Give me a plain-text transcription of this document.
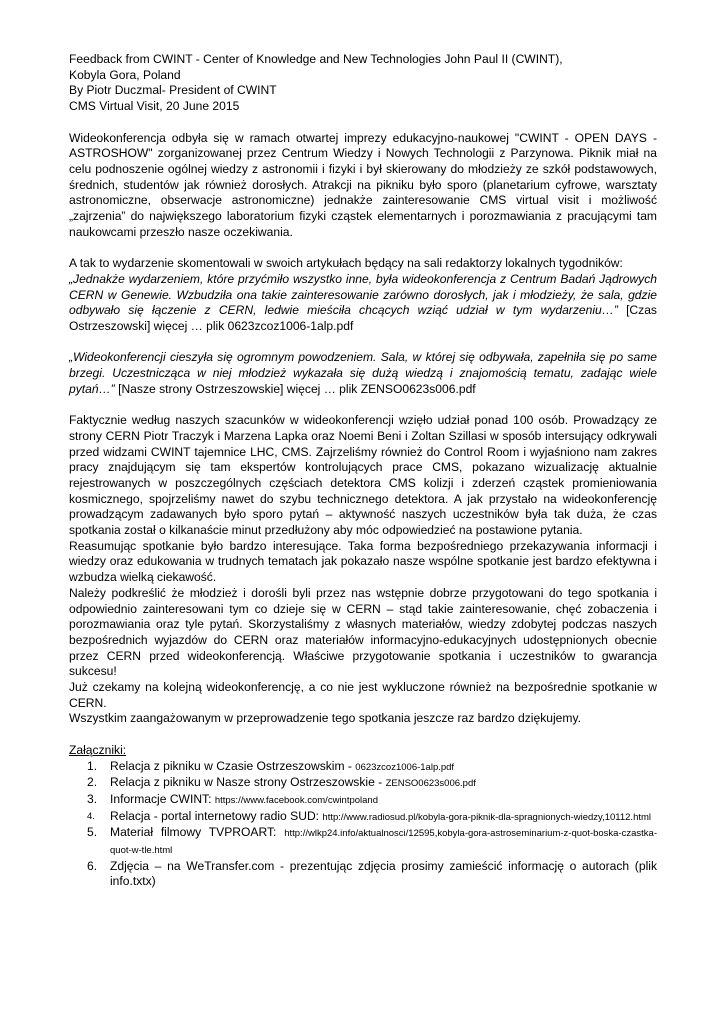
Feedback from CWINT - Center of Knowledge and New Technologies John Paul II (CWINT),

Kobyla Gora, Poland

By Piotr Duczmal- President of CWINT

CMS Virtual Visit, 20 June 2015

Wideokonferencja odbyła się w ramach otwartej imprezy edukacyjno-naukowej "CWINT - OPEN DAYS - ASTROSHOW" zorganizowanej przez Centrum Wiedzy i Nowych Technologii z Parzynowa. Piknik miał na celu podnoszenie ogólnej wiedzy z astronomii i fizyki i był skierowany do młodzieży ze szkół podstawowych, średnich, studentów jak również dorosłych. Atrakcji na pikniku było sporo (planetarium cyfrowe, warsztaty astronomiczne, obserwacje astronomiczne) jednakże zainteresowanie CMS virtual visit i możliwość „zajrzenia” do największego laboratorium fizyki cząstek elementarnych i porozmawiania z pracującymi tam naukowcami przeszło nasze oczekiwania.

A tak to wydarzenie skomentowali w swoich artykułach będący na sali redaktorzy lokalnych tygodników:

„Jednakże wydarzeniem, które przyćmiło wszystko inne, była wideokonferencja z Centrum Badań Jądrowych CERN w Genewie. Wzbudziła ona takie zainteresowanie zarówno dorosłych, jak i młodzieży, że sala, gdzie odbywało się łączenie z CERN, ledwie mieściła chcących wziąć udział w tym wydarzeniu…” [Czas Ostrzeszowski] więcej … plik 0623zcoz1006-1alp.pdf

„Wideokonferencji cieszyła się ogromnym powodzeniem. Sala, w której się odbywała, zapełniła się po same brzegi. Uczestnicząca w niej młodzież wykazała się dużą wiedzą i znajomością tematu, zadając wiele pytań…” [Nasze strony Ostrzeszowskie] więcej … plik ZENSO0623s006.pdf

Faktycznie według naszych szacunków w wideokonferencji wzięło udział ponad 100 osób. Prowadzący ze strony CERN Piotr Traczyk i Marzena Lapka oraz Noemi Beni i Zoltan Szillasi w sposób intersujący odkrywali przed widzami CWINT tajemnice LHC, CMS. Zajrzeliśmy również do Control Room i wyjaśniono nam zakres pracy znajdującym się tam ekspertów kontrolujących prace CMS, pokazano wizualizację aktualnie rejestrowanych w poszczególnych częściach detektora CMS kolizji i zderzeń cząstek promieniowania kosmicznego, spojrzeliśmy nawet do szybu technicznego detektora. A jak przystało na wideokonferencję prowadzącym zadawanych było sporo pytań – aktywność naszych uczestników była tak duża, że czas spotkania został o kilkanaście minut przedłużony aby móc odpowiedzieć na postawione pytania.

Reasumując spotkanie było bardzo interesujące. Taka forma bezpośredniego przekazywania informacji i wiedzy oraz edukowania w trudnych tematach jak pokazało nasze wspólne spotkanie jest bardzo efektywna i wzbudza wielką ciekawość.

Należy podkreślić że młodzież i dorośli byli przez nas wstępnie dobrze przygotowani do tego spotkania i odpowiednio zainteresowani tym co dzieje się w CERN – stąd takie zainteresowanie, chęć zobaczenia i porozmawiania oraz tyle pytań. Skorzystaliśmy z własnych materiałów, wiedzy zdobytej podczas naszych bezpośrednich wyjazdów do CERN oraz materiałów informacyjno-edukacyjnych udostępnionych obecnie przez CERN przed wideokonferencją. Właściwe przygotowanie spotkania i uczestników to gwarancja sukcesu!

Już czekamy na kolejną wideokonferencję, a co nie jest wykluczone również na bezpośrednie spotkanie w CERN.

Wszystkim zaangażowanym w przeprowadzenie tego spotkania jeszcze raz bardzo dziękujemy.

Załączniki:

1. Relacja z pikniku w Czasie Ostrzeszowskim - 0623zcoz1006-1alp.pdf
2. Relacja z pikniku w Nasze strony Ostrzeszowskie - ZENSO0623s006.pdf
3. Informacje CWINT: https://www.facebook.com/cwintpoland
4. Relacja - portal internetowy radio SUD: http://www.radiosud.pl/kobyla-gora-piknik-dla-spragnionych-wiedzy,10112.html
5. Materiał filmowy TVPROART: http://wlkp24.info/aktualnosci/12595,kobyla-gora-astroseminarium-z-quot-boska-czastka-quot-w-tle.html
6. Zdjęcia – na WeTransfer.com - prezentując zdjęcia prosimy zamieścić informację o autorach (plik info.txtx)
